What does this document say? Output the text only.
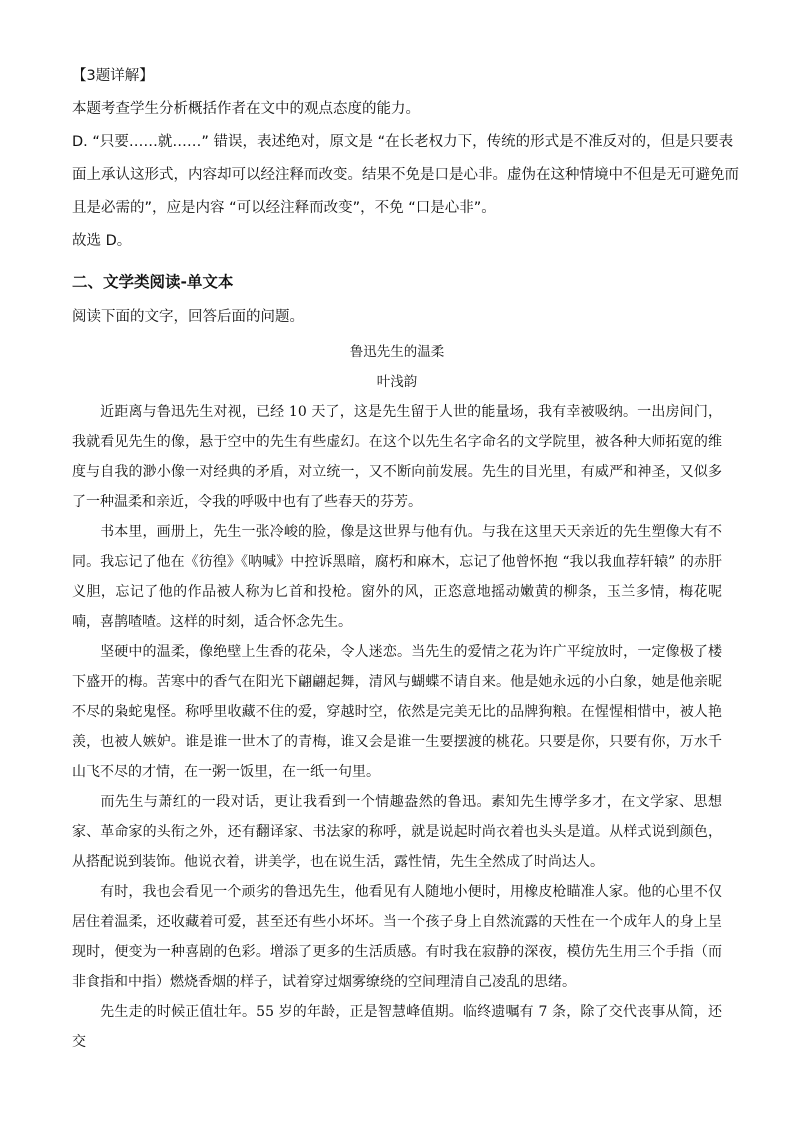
【3题详解】
本题考查学生分析概括作者在文中的观点态度的能力。
D. “只要……就……” 错误，表述绝对，原文是 “在长老权力下，传统的形式是不准反对的，但是只要表
面上承认这形式，内容却可以经注释而改变。结果不免是口是心非。虚伪在这种情境中不但是无可避免而
且是必需的”，应是内容 “可以经注释而改变”，不免 “口是心非”。
故选 D。
二、文学类阅读-单文本
阅读下面的文字，回答后面的问题。
鲁迅先生的温柔
叶浅韵

近距离与鲁迅先生对视，已经 10 天了，这是先生留于人世的能量场，我有幸被吸纳。一出房间门，我就看见先生的像，悬于空中的先生有些虚幻。在这个以先生名字命名的文学院里，被各种大师拓宽的维度与自我的渺小像一对经典的矛盾，对立统一，又不断向前发展。先生的目光里，有威严和神圣，又似多了一种温柔和亲近，令我的呼吸中也有了些春天的芬芳。

书本里，画册上，先生一张冷峻的脸，像是这世界与他有仇。与我在这里天天亲近的先生塑像大有不同。我忘记了他在《彷徨》《呐喊》中控诉黑暗，腐朽和麻木，忘记了他曾怀抱 “我以我血荐轩辕” 的赤肝义胆，忘记了他的作品被人称为匕首和投枪。窗外的风，正恣意地摇动嫩黄的柳条，玉兰多情，梅花呢喃，喜鹊喳喳。这样的时刻，适合怀念先生。

坚硬中的温柔，像绝壁上生香的花朵，令人迷恋。当先生的爱情之花为许广平绽放时，一定像极了楼下盛开的梅。苦寒中的香气在阳光下翩翩起舞，清风与蝴蝶不请自来。他是她永远的小白象，她是他亲昵不尽的枭蛇鬼怪。称呼里收藏不住的爱，穿越时空，依然是完美无比的品牌狗粮。在惺惺相惜中，被人艳羡，也被人嫉妒。谁是谁一世木了的青梅，谁又会是谁一生要摆渡的桃花。只要是你，只要有你，万水千山飞不尽的才情，在一粥一饭里，在一纸一句里。

而先生与萧红的一段对话，更让我看到一个情趣盎然的鲁迅。素知先生博学多才，在文学家、思想家、革命家的头衔之外，还有翻译家、书法家的称呼，就是说起时尚衣着也头头是道。从样式说到颜色，从搭配说到装饰。他说衣着，讲美学，也在说生活，露性情，先生全然成了时尚达人。

有时，我也会看见一个顽劣的鲁迅先生，他看见有人随地小便时，用橡皮枪瞄准人家。他的心里不仅居住着温柔，还收藏着可爱，甚至还有些小坏坏。当一个孩子身上自然流露的天性在一个成年人的身上呈现时，便变为一种喜剧的色彩。增添了更多的生活质感。有时我在寂静的深夜，模仿先生用三个手指（而非食指和中指）燃烧香烟的样子，试着穿过烟雾缭绕的空间理清自己凌乱的思绪。

先生走的时候正值壮年。55 岁的年龄，正是智慧峰值期。临终遗嘱有 7 条，除了交代丧事从简，还交
